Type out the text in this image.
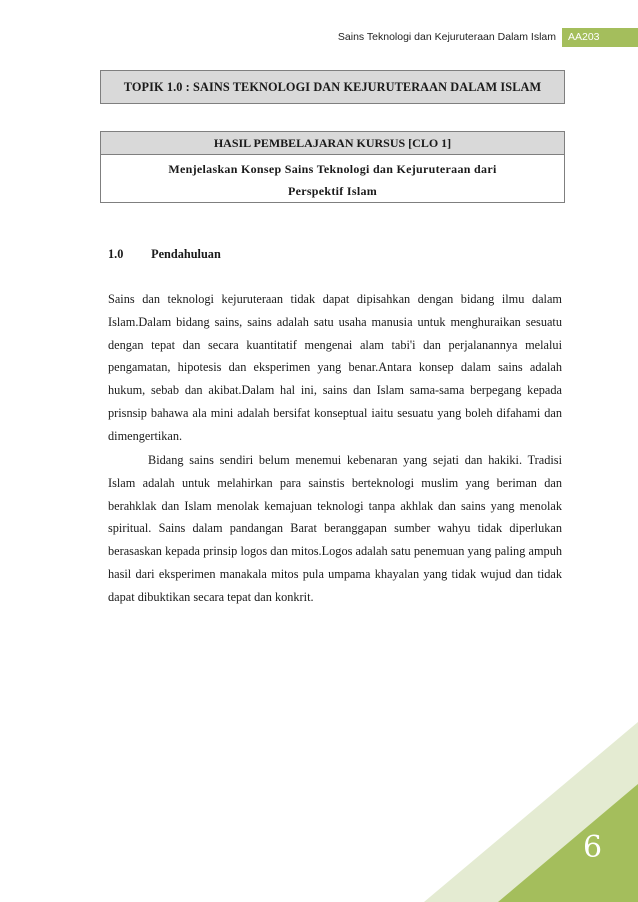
Sains Teknologi dan Kejuruteraan Dalam Islam	AA203
TOPIK 1.0 : SAINS TEKNOLOGI DAN KEJURUTERAAN DALAM ISLAM
HASIL PEMBELAJARAN KURSUS [CLO 1]
Menjelaskan Konsep Sains Teknologi dan Kejuruteraan dari
Perspektif Islam
1.0 Pendahuluan

Sains dan teknologi kejuruteraan tidak dapat dipisahkan dengan bidang ilmu dalam Islam.Dalam bidang sains, sains adalah satu usaha manusia untuk menghuraikan sesuatu dengan tepat dan secara kuantitatif mengenai alam tabi'i dan perjalanannya melalui pengamatan, hipotesis dan eksperimen yang benar.Antara konsep dalam sains adalah hukum, sebab dan akibat.Dalam hal ini, sains dan Islam sama-sama berpegang kepada prisnsip bahawa ala mini adalah bersifat konseptual iaitu sesuatu yang boleh difahami dan dimengertikan.

Bidang sains sendiri belum menemui kebenaran yang sejati dan hakiki. Tradisi Islam adalah untuk melahirkan para sainstis berteknologi muslim yang beriman dan berahklak dan Islam menolak kemajuan teknologi tanpa akhlak dan sains yang menolak spiritual. Sains dalam pandangan Barat beranggapan sumber wahyu tidak diperlukan berasaskan kepada prinsip logos dan mitos.Logos adalah satu penemuan yang paling ampuh hasil dari eksperimen manakala mitos pula umpama khayalan yang tidak wujud dan tidak dapat dibuktikan secara tepat dan konkrit.

6
